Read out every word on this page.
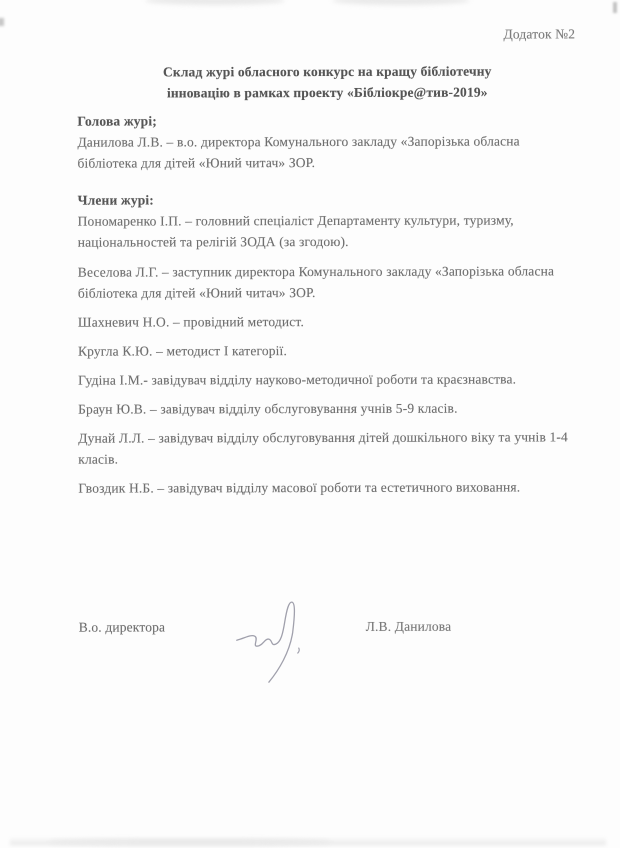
Додаток №2
Склад журі обласного конкурс на кращу бібліотечну
інновацію в рамках проекту «Бібліокре@тив-2019»

Голова журі;

Данилова Л.В. – в.о. директора Комунального закладу «Запорізька обласна бібліотека для дітей «Юний читач» ЗОР.

Члени журі:

Пономаренко І.П. – головний спеціаліст Департаменту культури, туризму, національностей та релігій ЗОДА (за згодою).

Веселова Л.Г. – заступник директора Комунального закладу «Запорізька обласна бібліотека для дітей «Юний читач» ЗОР.

Шахневич Н.О. – провідний методист.

Кругла К.Ю. – методист І категорії.

Гудіна І.М.- завідувач відділу науково-методичної роботи та краєзнавства.

Браун Ю.В. – завідувач відділу обслуговування учнів 5-9 класів.

Дунай Л.Л. – завідувач відділу обслуговування дітей дошкільного віку та учнів 1-4 класів.

Гвоздик Н.Б. – завідувач відділу масової роботи та естетичного виховання.

В.о. директора	Л.В. Данилова
